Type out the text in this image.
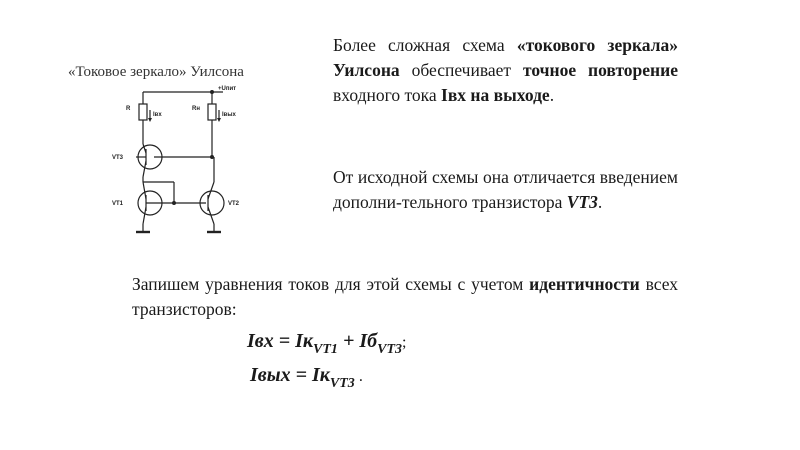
«Токовое зеркало» Уилсона
R	Rн
Iвх	Iвых
+Uпит
VT3
VT1	VT2
Более сложная схема «токового зеркала» Уилсона обеспечивает точное повторение входного тока Iвх на выходе.
От исходной схемы она отличается введением дополни-тельного транзистора VT3.
Запишем уравнения токов для этой схемы с учетом идентичности всех транзисторов:
Iвх = $Iк_{VT1} + Iб_{VT3}$;
Iвых = $Iк_{VT3}$ .
